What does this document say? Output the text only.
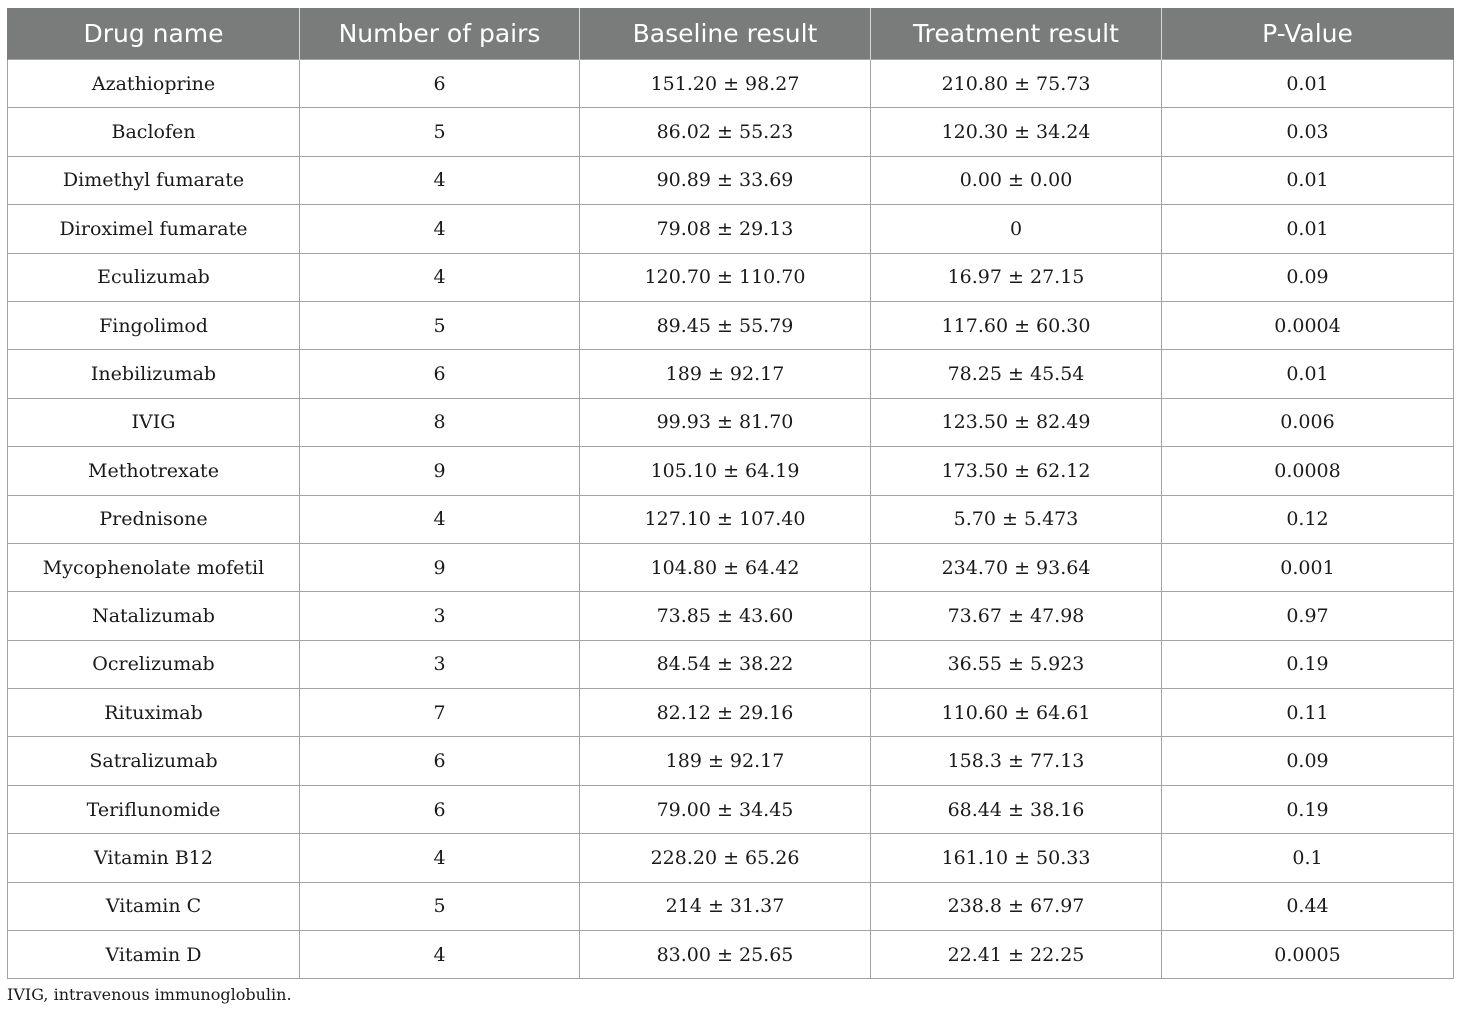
Drug name	Number of pairs	Baseline result	Treatment result	P-Value
Azathioprine	6	151.20 ± 98.27	210.80 ± 75.73	0.01
Baclofen	5	86.02 ± 55.23	120.30 ± 34.24	0.03
Dimethyl fumarate	4	90.89 ± 33.69	0.00 ± 0.00	0.01
Diroximel fumarate	4	79.08 ± 29.13	0	0.01
Eculizumab	4	120.70 ± 110.70	16.97 ± 27.15	0.09
Fingolimod	5	89.45 ± 55.79	117.60 ± 60.30	0.0004
Inebilizumab	6	189 ± 92.17	78.25 ± 45.54	0.01
IVIG	8	99.93 ± 81.70	123.50 ± 82.49	0.006
Methotrexate	9	105.10 ± 64.19	173.50 ± 62.12	0.0008
Prednisone	4	127.10 ± 107.40	5.70 ± 5.473	0.12
Mycophenolate mofetil	9	104.80 ± 64.42	234.70 ± 93.64	0.001
Natalizumab	3	73.85 ± 43.60	73.67 ± 47.98	0.97
Ocrelizumab	3	84.54 ± 38.22	36.55 ± 5.923	0.19
Rituximab	7	82.12 ± 29.16	110.60 ± 64.61	0.11
Satralizumab	6	189 ± 92.17	158.3 ± 77.13	0.09
Teriflunomide	6	79.00 ± 34.45	68.44 ± 38.16	0.19
Vitamin B12	4	228.20 ± 65.26	161.10 ± 50.33	0.1
Vitamin C	5	214 ± 31.37	238.8 ± 67.97	0.44
Vitamin D	4	83.00 ± 25.65	22.41 ± 22.25	0.0005
IVIG, intravenous immunoglobulin.
